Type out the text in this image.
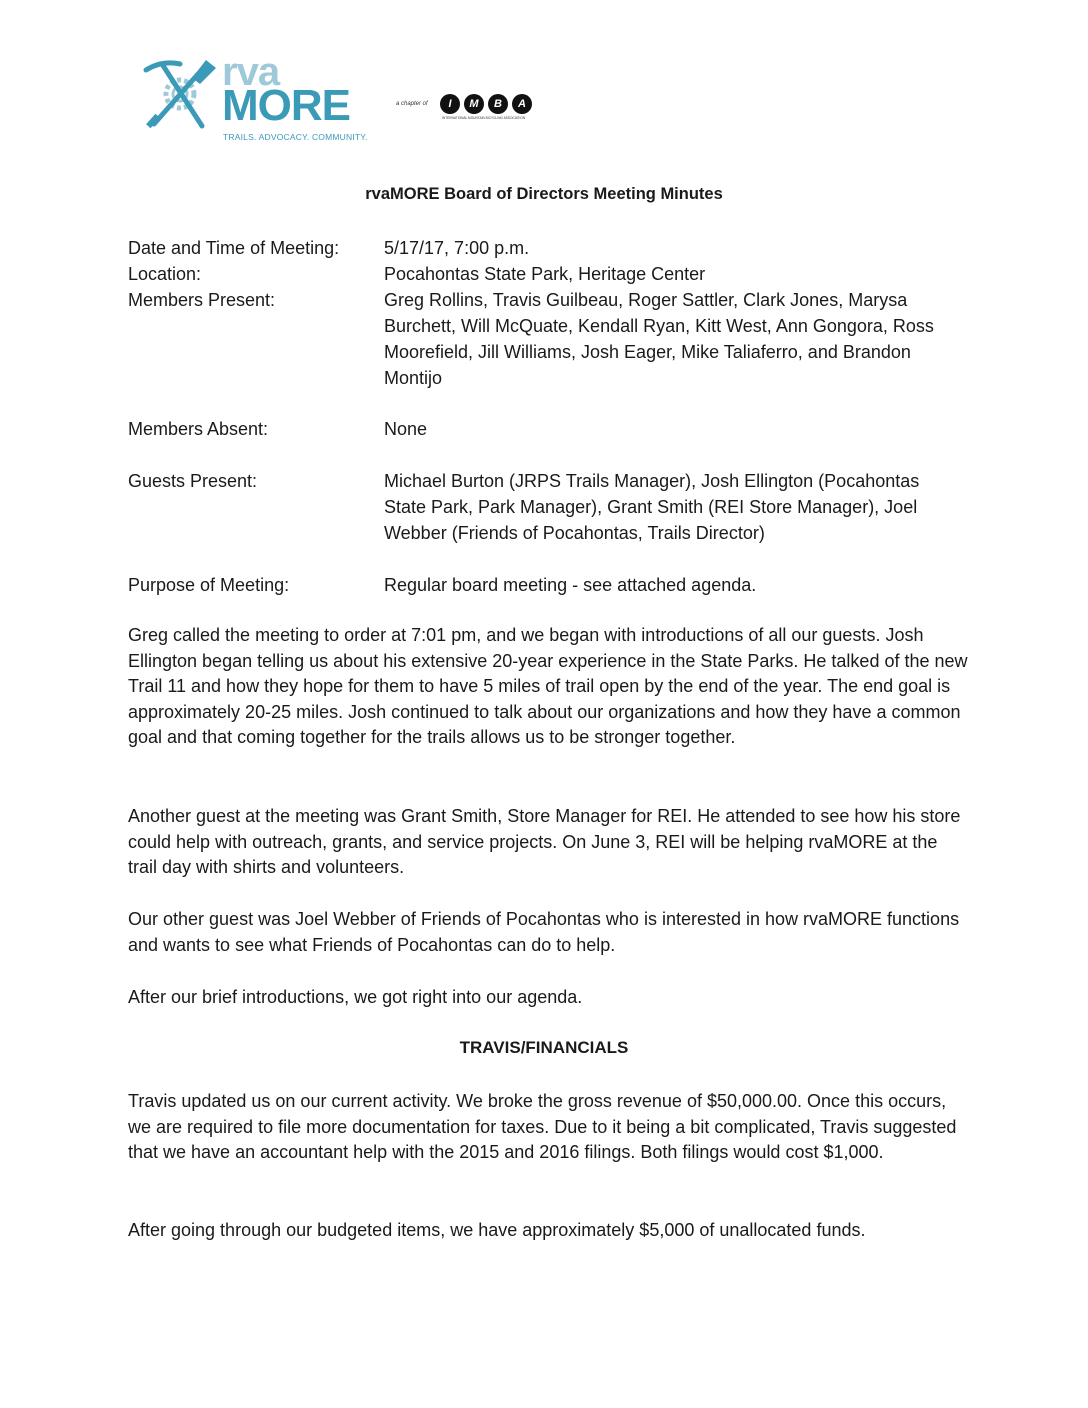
rva
MORE
TRAILS. ADVOCACY. COMMUNITY.
a chapter of	I	M	B	A
INTERNATIONAL MOUNTAIN BICYCLING ASSOCIATION
rvaMORE Board of Directors Meeting Minutes
Date and Time of Meeting: 5/17/17, 7:00 p.m.
Location:	Pocahontas State Park, Heritage Center
Members Present:	Greg Rollins, Travis Guilbeau, Roger Sattler, Clark Jones, Marysa Burchett, Will McQuate, Kendall Ryan, Kitt West, Ann Gongora, Ross Moorefield, Jill Williams, Josh Eager, Mike Taliaferro, and Brandon Montijo
Members Absent:	None
Guests Present:	Michael Burton (JRPS Trails Manager), Josh Ellington (Pocahontas State Park, Park Manager), Grant Smith (REI Store Manager), Joel Webber (Friends of Pocahontas, Trails Director)
Purpose of Meeting:	Regular board meeting - see attached agenda.

Greg called the meeting to order at 7:01 pm, and we began with introductions of all our guests. Josh Ellington began telling us about his extensive 20-year experience in the State Parks. He talked of the new Trail 11 and how they hope for them to have 5 miles of trail open by the end of the year. The end goal is approximately 20-25 miles. Josh continued to talk about our organizations and how they have a common goal and that coming together for the trails allows us to be stronger together.

Another guest at the meeting was Grant Smith, Store Manager for REI. He attended to see how his store could help with outreach, grants, and service projects. On June 3, REI will be helping rvaMORE at the trail day with shirts and volunteers.

Our other guest was Joel Webber of Friends of Pocahontas who is interested in how rvaMORE functions and wants to see what Friends of Pocahontas can do to help.

After our brief introductions, we got right into our agenda.

TRAVIS/FINANCIALS

Travis updated us on our current activity. We broke the gross revenue of $50,000.00. Once this occurs, we are required to file more documentation for taxes. Due to it being a bit complicated, Travis suggested that we have an accountant help with the 2015 and 2016 filings. Both filings would cost $1,000.

After going through our budgeted items, we have approximately $5,000 of unallocated funds.
